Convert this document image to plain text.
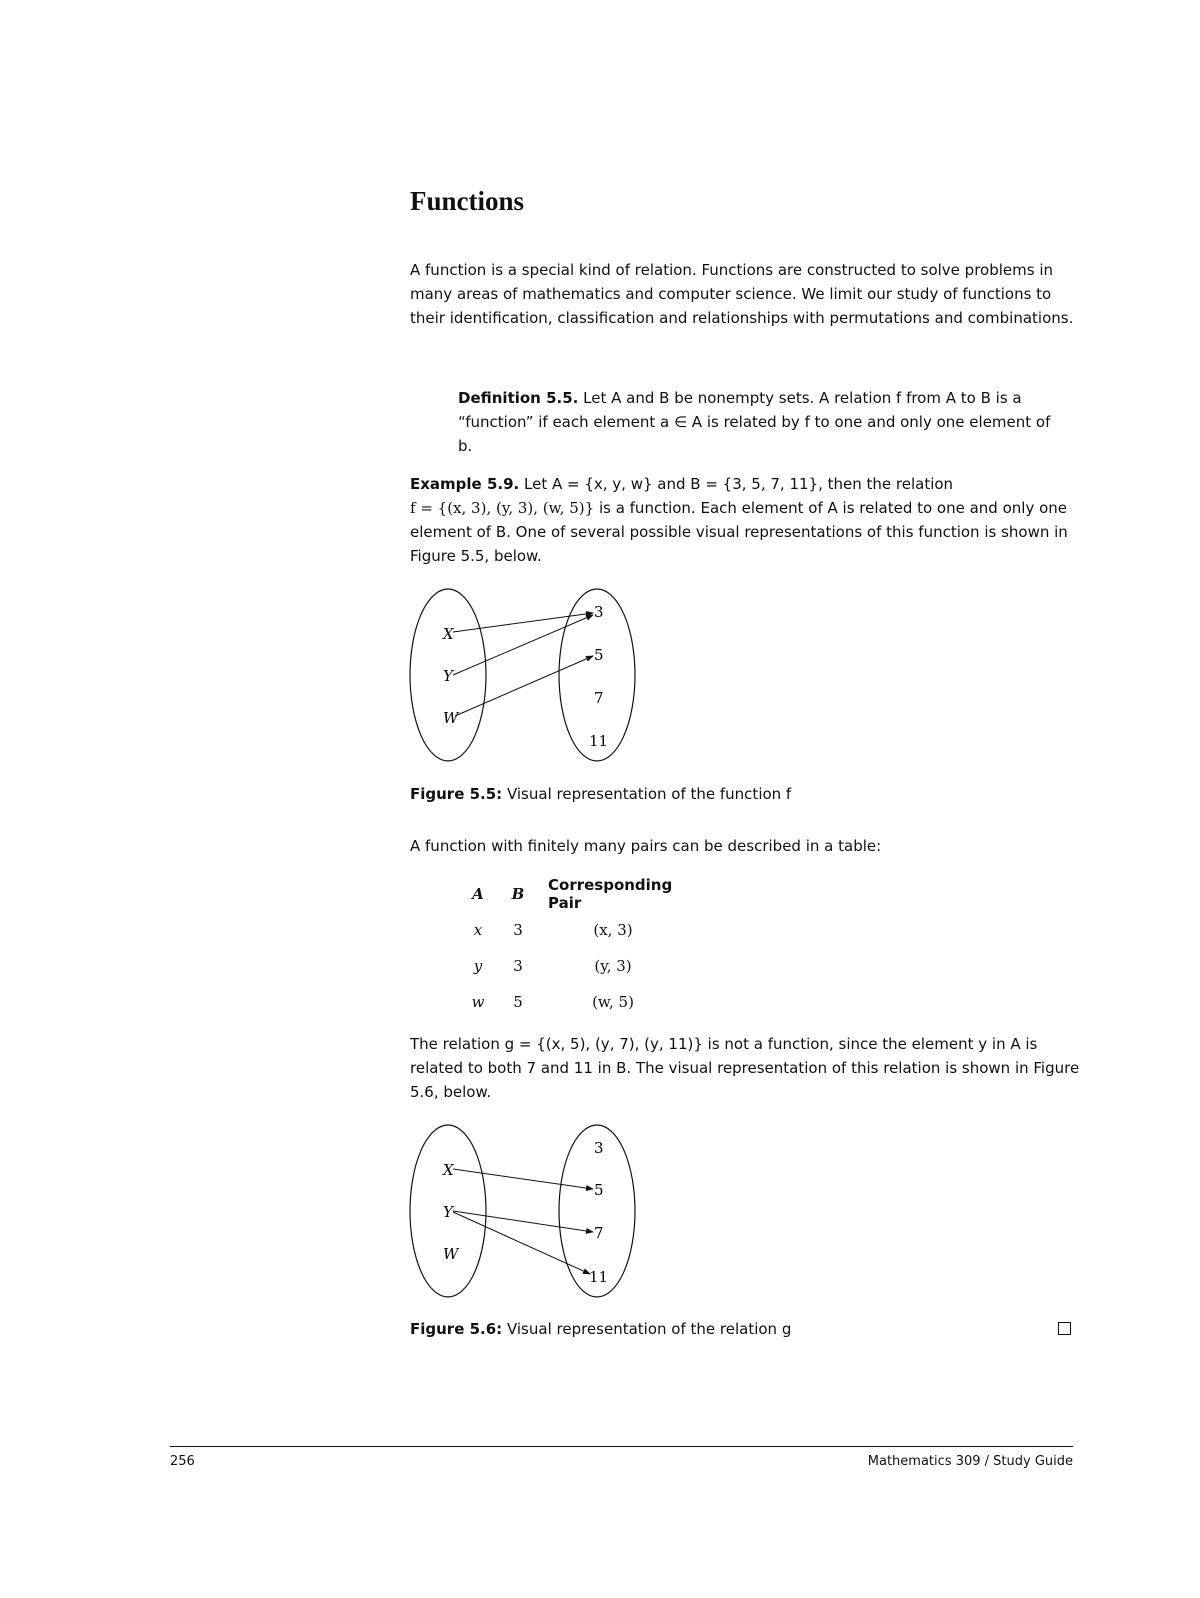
Functions

A function is a special kind of relation. Functions are constructed to solve problems in many areas of mathematics and computer science. We limit our study of functions to their identification, classification and relationships with permutations and combinations.

Definition 5.5. Let A and B be nonempty sets. A relation f from A to B is a “function” if each element a ∈ A is related by f to one and only one element of b.

Example 5.9. Let A = {x, y, w} and B = {3, 5, 7, 11}, then the relation
f = {(x, 3), (y, 3), (w, 5)} is a function. Each element of A is related to one and only one element of B. One of several possible visual representations of this function is shown in Figure 5.5, below.

X
Y
W
3
5
7
11

Figure 5.5: Visual representation of the function f

A function with finitely many pairs can be described in a table:

A	B	Corresponding Pair
x	3	(x, 3)
y	3	(y, 3)
w	5	(w, 5)

The relation g = {(x, 5), (y, 7), (y, 11)} is not a function, since the element y in A is related to both 7 and 11 in B. The visual representation of this relation is shown in Figure 5.6, below.

X
Y
W
3
5
7
11

Figure 5.6: Visual representation of the relation g

256	Mathematics 309 / Study Guide
